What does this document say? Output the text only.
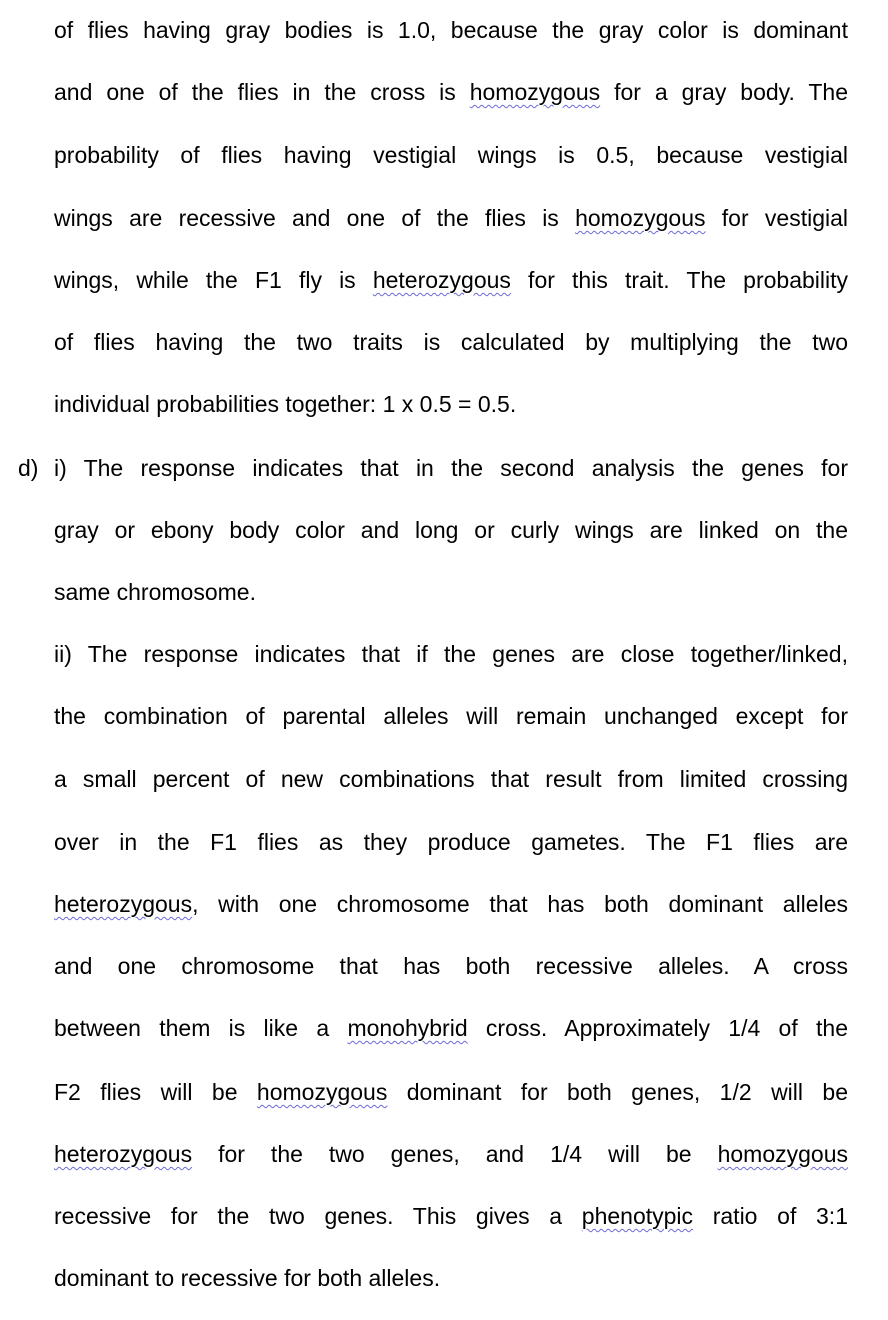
d)
of flies having gray bodies is 1.0, because the gray color is dominant
and one of the flies in the cross is homozygous for a gray body. The
probability of flies having vestigial wings is 0.5, because vestigial
wings are recessive and one of the flies is homozygous for vestigial
wings, while the F1 fly is heterozygous for this trait. The probability
of flies having the two traits is calculated by multiplying the two
individual probabilities together: 1 x 0.5 = 0.5.
i) The response indicates that in the second analysis the genes for
gray or ebony body color and long or curly wings are linked on the
same chromosome.
ii) The response indicates that if the genes are close together/linked,
the combination of parental alleles will remain unchanged except for
a small percent of new combinations that result from limited crossing
over in the F1 flies as they produce gametes. The F1 flies are
heterozygous, with one chromosome that has both dominant alleles
and one chromosome that has both recessive alleles. A cross
between them is like a monohybrid cross. Approximately 1/4 of the
F2 flies will be homozygous dominant for both genes, 1/2 will be
heterozygous for the two genes, and 1/4 will be homozygous
recessive for the two genes. This gives a phenotypic ratio of 3:1
dominant to recessive for both alleles.
